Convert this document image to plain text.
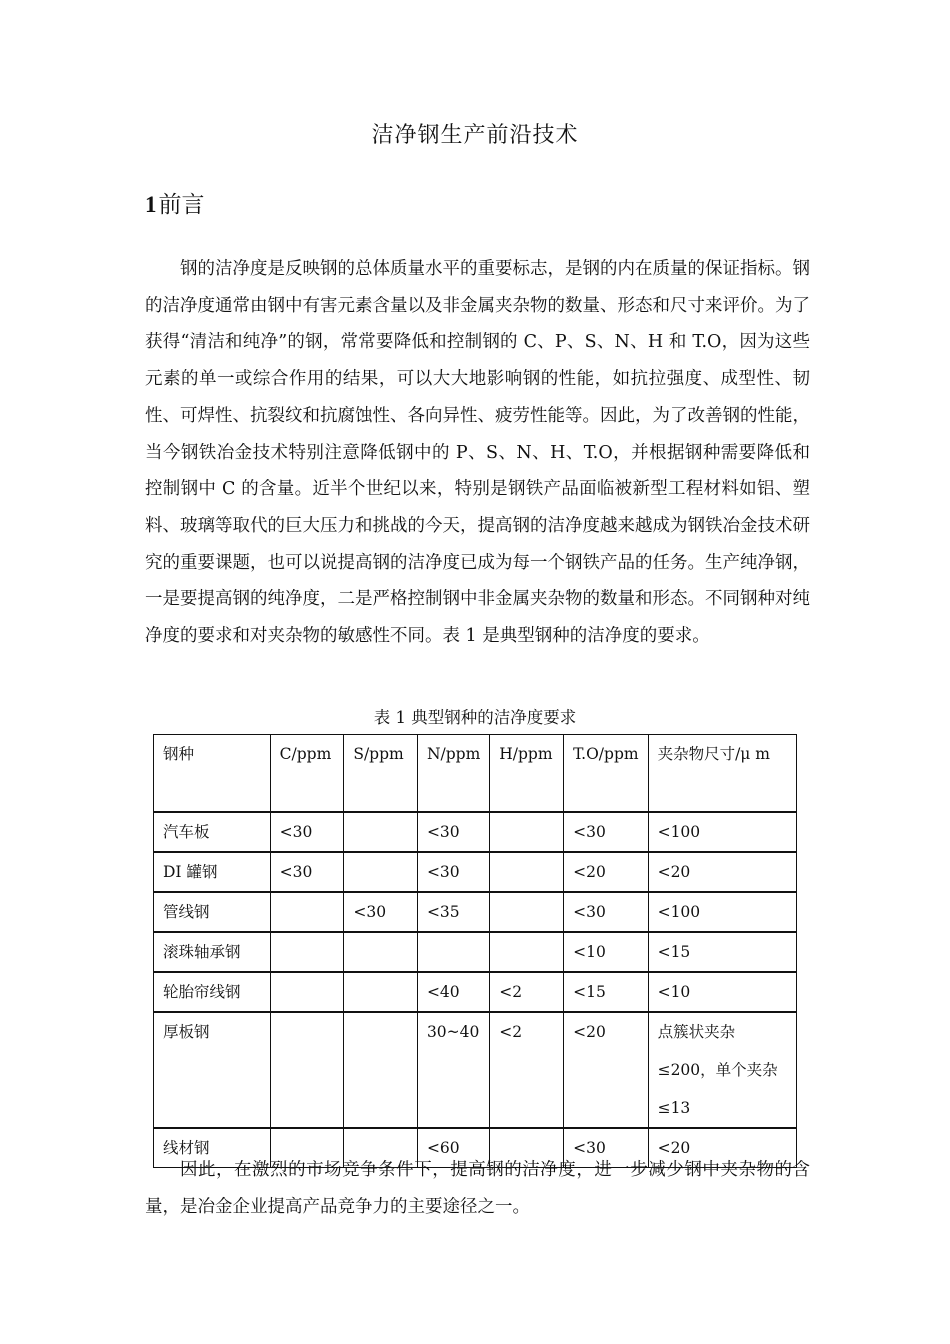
洁净钢生产前沿技术
1前言

钢的洁净度是反映钢的总体质量水平的重要标志，是钢的内在质量的保证指标。钢的洁净度通常由钢中有害元素含量以及非金属夹杂物的数量、形态和尺寸来评价。为了获得“清洁和纯净”的钢，常常要降低和控制钢的 C、P、S、N、H 和 T.O，因为这些元素的单一或综合作用的结果，可以大大地影响钢的性能，如抗拉强度、成型性、韧性、可焊性、抗裂纹和抗腐蚀性、各向异性、疲劳性能等。因此，为了改善钢的性能，当今钢铁冶金技术特别注意降低钢中的 P、S、N、H、T.O，并根据钢种需要降低和控制钢中 C 的含量。近半个世纪以来，特别是钢铁产品面临被新型工程材料如铝、塑料、玻璃等取代的巨大压力和挑战的今天，提高钢的洁净度越来越成为钢铁冶金技术研究的重要课题，也可以说提高钢的洁净度已成为每一个钢铁产品的任务。生产纯净钢，一是要提高钢的纯净度，二是严格控制钢中非金属夹杂物的数量和形态。不同钢种对纯净度的要求和对夹杂物的敏感性不同。表 1 是典型钢种的洁净度的要求。

表 1 典型钢种的洁净度要求
钢种	C/ppm	S/ppm	N/ppm	H/ppm	T.O/ppm	夹杂物尺寸/μ m
汽车板	<30		<30		<30	<100
DI 罐钢	<30		<30		<20	<20
管线钢		<30	<35		<30	<100
滚珠轴承钢					<10	<15
轮胎帘线钢			<40	<2	<15	<10
厚板钢			30~40	<2	<20	点簇状夹杂≤200，单个夹杂≤13
线材钢			<60		<30	<20

因此，在激烈的市场竞争条件下，提高钢的洁净度，进一步减少钢中夹杂物的含量，是冶金企业提高产品竞争力的主要途径之一。
